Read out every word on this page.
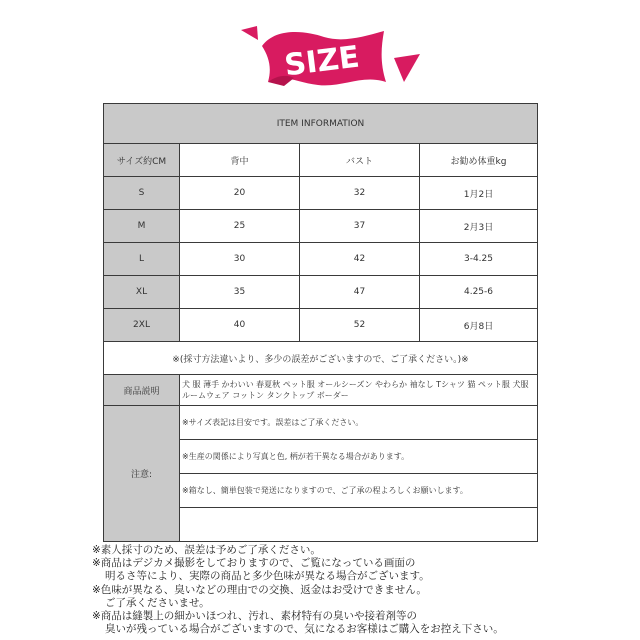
SIZE
ITEM INFORMATION			
サイズ約CM	背中	バスト	お勧め体重kg
S	20	32	1月2日
M	25	37	2月3日
L	30	42	3-4.25
XL	35	47	4.25-6
2XL	40	52	6月8日
※(採寸方法違いより、多少の誤差がございますので、ご了承ください。)※			
商品説明	犬 服 薄手 かわいい 春夏秋 ペット服 オールシーズン やわらか 袖なし Tシャツ 猫 ペット服 犬服 ルームウェア コットン タンクトップ ボーダー		
注意:	※サイズ表記は目安です。誤差はご了承ください。		
	※生産の関係により写真と色, 柄が若干異なる場合があります。		
	※箱なし、簡単包装で発送になりますので、ご了承の程よろしくお願いします。		

※素人採寸のため、誤差は予めご了承ください。
※商品はデジカメ撮影をしておりますので、ご覧になっている画面の
明るさ等により、実際の商品と多少色味が異なる場合がございます。
※色味が異なる、臭いなどの理由での交換、返金はお受けできません。
ご了承くださいませ。
※商品は縫製上の細かいほつれ、汚れ、素材特有の臭いや接着剤等の
臭いが残っている場合がございますので、気になるお客様はご購入をお控え下さい。
